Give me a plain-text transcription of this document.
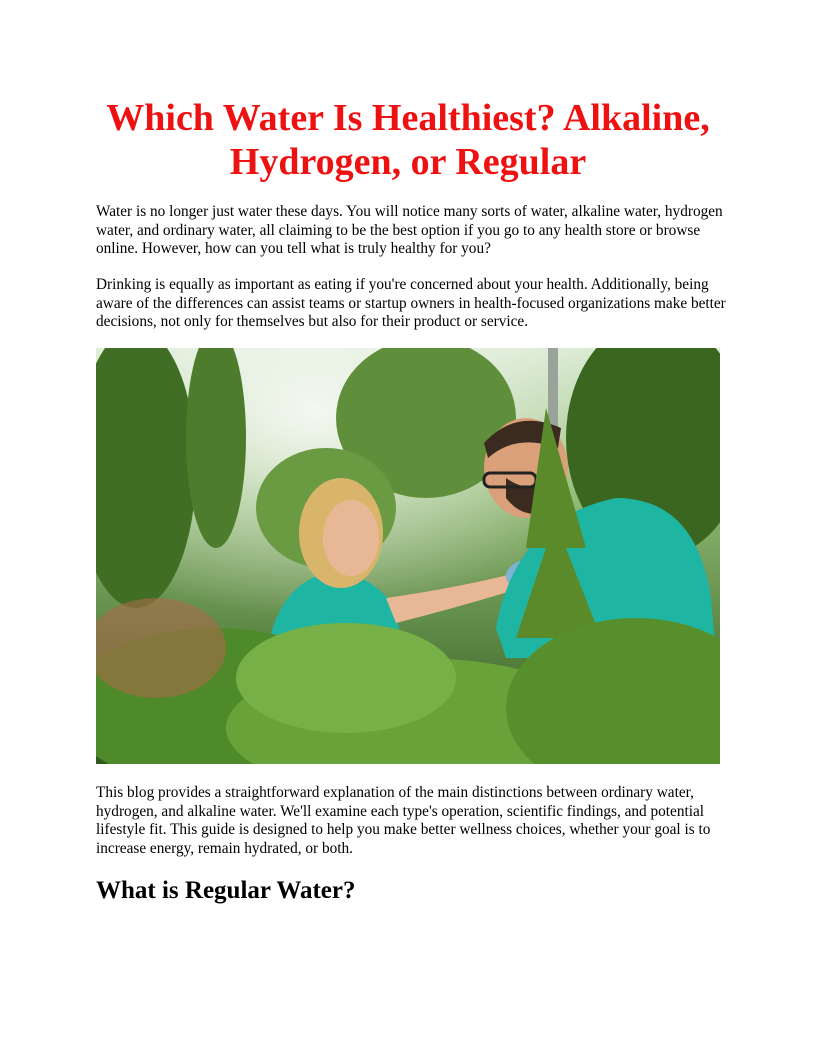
Which Water Is Healthiest? Alkaline, Hydrogen, or Regular

Water is no longer just water these days. You will notice many sorts of water, alkaline water, hydrogen water, and ordinary water, all claiming to be the best option if you go to any health store or browse online. However, how can you tell what is truly healthy for you?

Drinking is equally as important as eating if you're concerned about your health. Additionally, being aware of the differences can assist teams or startup owners in health-focused organizations make better decisions, not only for themselves but also for their product or service.

This blog provides a straightforward explanation of the main distinctions between ordinary water, hydrogen, and alkaline water. We'll examine each type's operation, scientific findings, and potential lifestyle fit. This guide is designed to help you make better wellness choices, whether your goal is to increase energy, remain hydrated, or both.

What is Regular Water?
